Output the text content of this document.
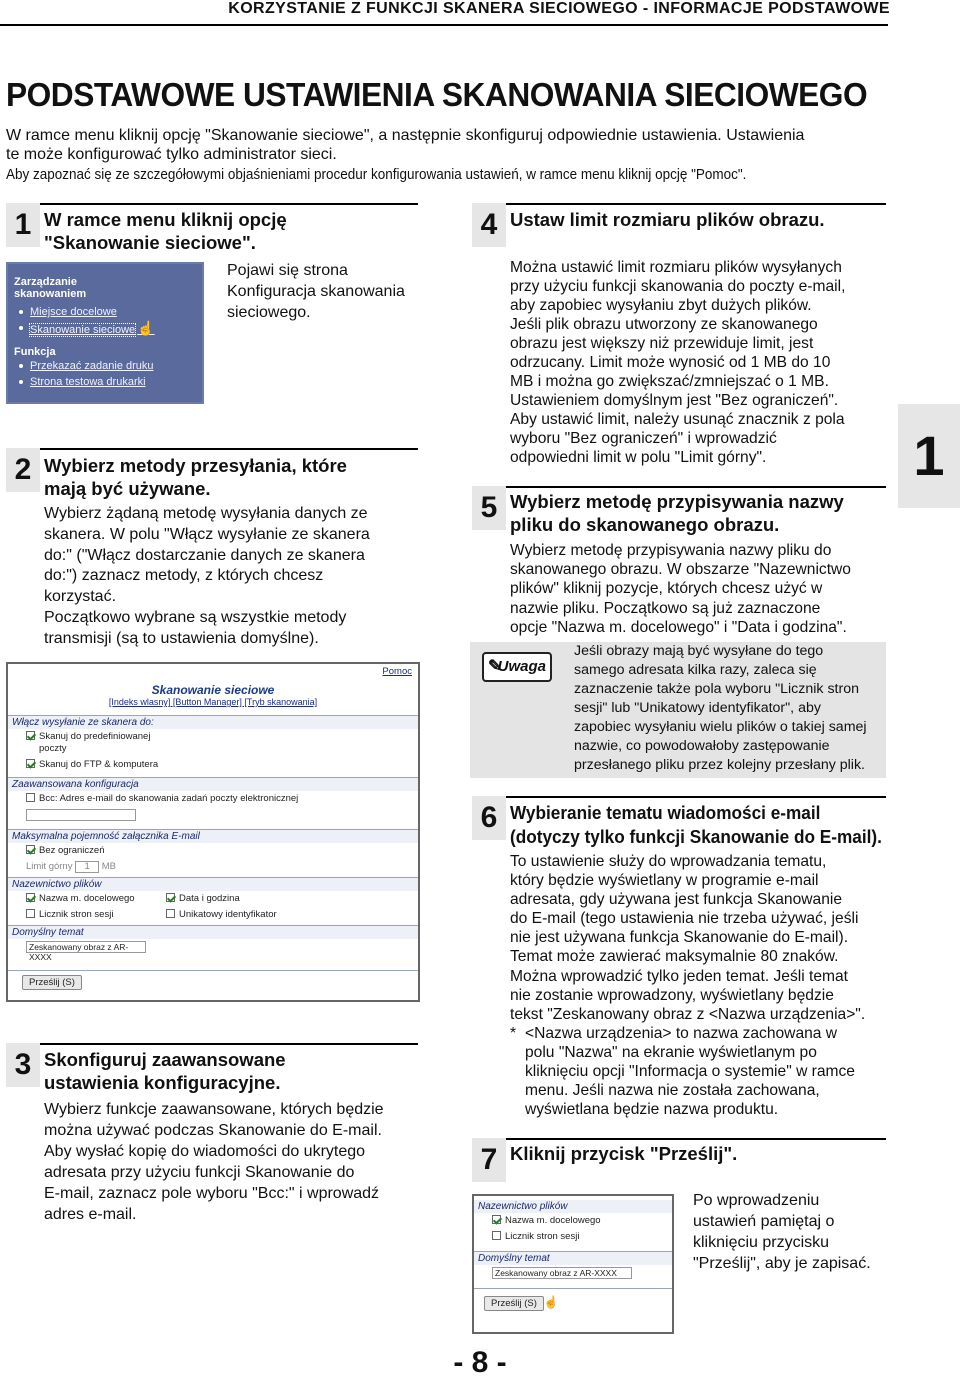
KORZYSTANIE Z FUNKCJI SKANERA SIECIOWEGO - INFORMACJE PODSTAWOWE
PODSTAWOWE USTAWIENIA SKANOWANIA SIECIOWEGO
W ramce menu kliknij opcję "Skanowanie sieciowe", a następnie skonfiguruj odpowiednie ustawienia. Ustawienia
te może konfigurować tylko administrator sieci.
Aby zapoznać się ze szczegółowymi objaśnieniami procedur konfigurowania ustawień, w ramce menu kliknij opcję "Pomoc".
1 W ramce menu kliknij opcję
"Skanowanie sieciowe".
Zarządzanie
skanowaniem
Miejsce docelowe
Skanowanie sieciowe ☝
Funkcja
Przekazać zadanie druku
Strona testowa drukarki
Pojawi się strona
Konfiguracja skanowania
sieciowego.
2 Wybierz metody przesyłania, które
mają być używane.
Wybierz żądaną metodę wysyłania danych ze
skanera. W polu "Włącz wysyłanie ze skanera
do:" ("Włącz dostarczanie danych ze skanera
do:") zaznacz metody, z których chcesz
korzystać.
Początkowo wybrane są wszystkie metody
transmisji (są to ustawienia domyślne).
Pomoc
Skanowanie sieciowe
[Indeks wlasny] [Button Manager] [Tryb skanowania]
Włącz wysyłanie ze skanera do:
Skanuj do predefiniowanej
poczty
Skanuj do FTP & komputera
Zaawansowana konfiguracja
Bcc: Adres e-mail do skanowania zadań poczty elektronicznej
Maksymalna pojemność załącznika E-mail
Bez ograniczeń
Limit górny 1 MB
Nazewnictwo plików
Nazwa m. docelowego	Data i godzina
Licznik stron sesji	Unikatowy identyfikator
Domyślny temat
Zeskanowany obraz z AR-XXXX
Prześlij (S)
3 Skonfiguruj zaawansowane
ustawienia konfiguracyjne.
Wybierz funkcje zaawansowane, których będzie
można używać podczas Skanowanie do E-mail.
Aby wysłać kopię do wiadomości do ukrytego
adresata przy użyciu funkcji Skanowanie do
E-mail, zaznacz pole wyboru "Bcc:" i wprowadź
adres e-mail.
4 Ustaw limit rozmiaru plików obrazu.
Można ustawić limit rozmiaru plików wysyłanych
przy użyciu funkcji skanowania do poczty e-mail,
aby zapobiec wysyłaniu zbyt dużych plików.
Jeśli plik obrazu utworzony ze skanowanego
obrazu jest większy niż przewiduje limit, jest
odrzucany. Limit może wynosić od 1 MB do 10
MB i można go zwiększać/zmniejszać o 1 MB.
Ustawieniem domyślnym jest "Bez ograniczeń".
Aby ustawić limit, należy usunąć znacznik z pola
wyboru "Bez ograniczeń" i wprowadzić
odpowiedni limit w polu "Limit górny".	1
5 Wybierz metodę przypisywania nazwy
pliku do skanowanego obrazu.
Wybierz metodę przypisywania nazwy pliku do
skanowanego obrazu. W obszarze "Nazewnictwo
plików" kliknij pozycje, których chcesz użyć w
nazwie pliku. Początkowo są już zaznaczone
opcje "Nazwa m. docelowego" i "Data i godzina".
✎
Uwaga
Jeśli obrazy mają być wysyłane do tego
samego adresata kilka razy, zaleca się
zaznaczenie także pola wyboru "Licznik stron
sesji" lub "Unikatowy identyfikator", aby
zapobiec wysyłaniu wielu plików o takiej samej
nazwie, co powodowałoby zastępowanie
przesłanego pliku przez kolejny przesłany plik.
6 Wybieranie tematu wiadomości e-mail
(dotyczy tylko funkcji Skanowanie do E-mail).
To ustawienie służy do wprowadzania tematu,
który będzie wyświetlany w programie e-mail
adresata, gdy używana jest funkcja Skanowanie
do E-mail (tego ustawienia nie trzeba używać, jeśli
nie jest używana funkcja Skanowanie do E-mail).
Temat może zawierać maksymalnie 80 znaków.
Można wprowadzić tylko jeden temat. Jeśli temat
nie zostanie wprowadzony, wyświetlany będzie
tekst "Zeskanowany obraz z <Nazwa urządzenia>".
* <Nazwa urządzenia> to nazwa zachowana w
polu "Nazwa" na ekranie wyświetlanym po
kliknięciu opcji "Informacja o systemie" w ramce
menu. Jeśli nazwa nie została zachowana,
wyświetlana będzie nazwa produktu.
7 Kliknij przycisk "Prześlij".
Nazewnictwo plików
Nazwa m. docelowego
Licznik stron sesji
Domyślny temat
Zeskanowany obraz z AR-XXXX
Prześlij (S) ☝
Po wprowadzeniu
ustawień pamiętaj o
kliknięciu przycisku
"Prześlij", aby je zapisać.
- 8 -
